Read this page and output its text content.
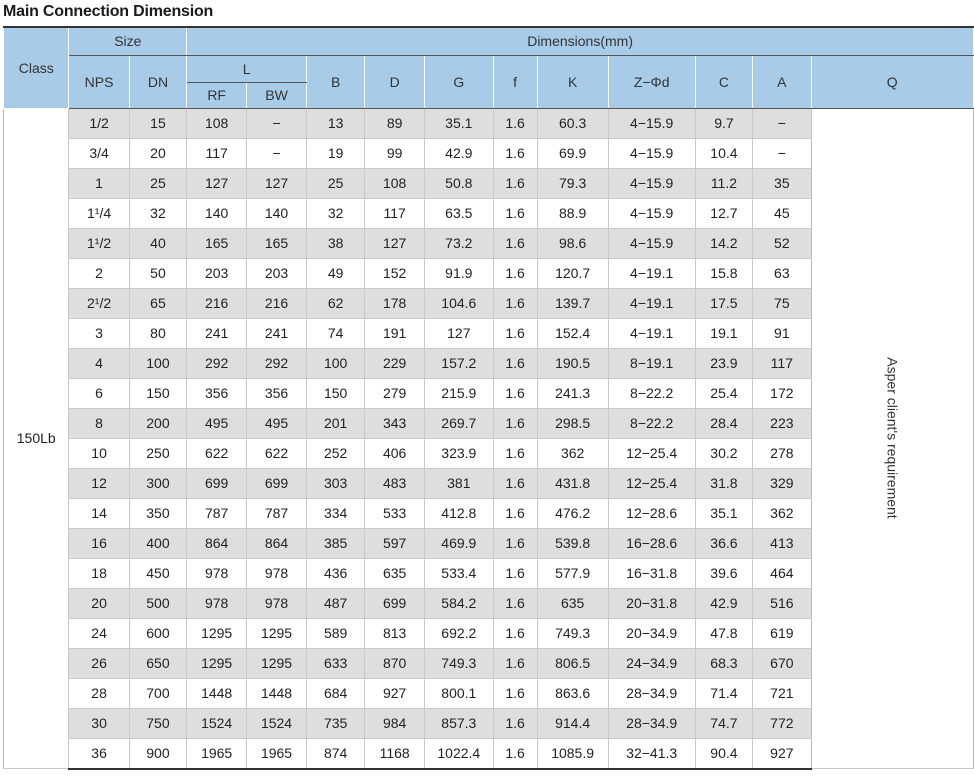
Main Connection Dimension
Class	Size		Dimensions(mm)										
	NPS	DN	L		B	D	G	f	K	Z−Φd	C	A	Q
			RF	BW									
150Lb	1/2	15	108	−	13	89	35.1	1.6	60.3	4−15.9	9.7	−	Asper client's requirement
	3/4	20	117	−	19	99	42.9	1.6	69.9	4−15.9	10.4	−	
	1	25	127	127	25	108	50.8	1.6	79.3	4−15.9	11.2	35	
	1¹/4	32	140	140	32	117	63.5	1.6	88.9	4−15.9	12.7	45	
	1¹/2	40	165	165	38	127	73.2	1.6	98.6	4−15.9	14.2	52	
	2	50	203	203	49	152	91.9	1.6	120.7	4−19.1	15.8	63	
	2¹/2	65	216	216	62	178	104.6	1.6	139.7	4−19.1	17.5	75	
	3	80	241	241	74	191	127	1.6	152.4	4−19.1	19.1	91	
	4	100	292	292	100	229	157.2	1.6	190.5	8−19.1	23.9	117	
	6	150	356	356	150	279	215.9	1.6	241.3	8−22.2	25.4	172	
	8	200	495	495	201	343	269.7	1.6	298.5	8−22.2	28.4	223	
	10	250	622	622	252	406	323.9	1.6	362	12−25.4	30.2	278	
	12	300	699	699	303	483	381	1.6	431.8	12−25.4	31.8	329	
	14	350	787	787	334	533	412.8	1.6	476.2	12−28.6	35.1	362	
	16	400	864	864	385	597	469.9	1.6	539.8	16−28.6	36.6	413	
	18	450	978	978	436	635	533.4	1.6	577.9	16−31.8	39.6	464	
	20	500	978	978	487	699	584.2	1.6	635	20−31.8	42.9	516	
	24	600	1295	1295	589	813	692.2	1.6	749.3	20−34.9	47.8	619	
	26	650	1295	1295	633	870	749.3	1.6	806.5	24−34.9	68.3	670	
	28	700	1448	1448	684	927	800.1	1.6	863.6	28−34.9	71.4	721	
	30	750	1524	1524	735	984	857.3	1.6	914.4	28−34.9	74.7	772	
	36	900	1965	1965	874	1168	1022.4	1.6	1085.9	32−41.3	90.4	927	
